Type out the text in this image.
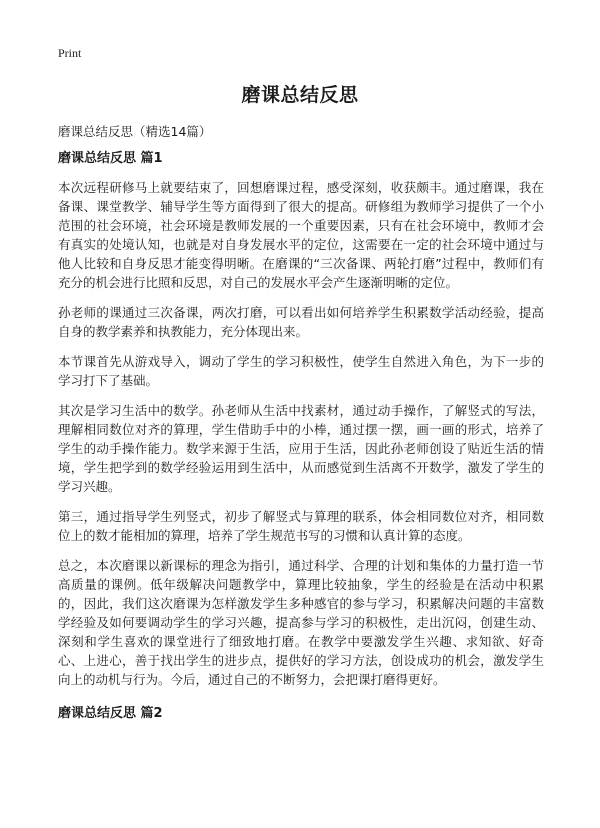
Print
磨课总结反思

磨课总结反思（精选14篇）

磨课总结反思 篇1

本次远程研修马上就要结束了，回想磨课过程，感受深刻，收获颇丰。通过磨课，我在备课、课堂教学、辅导学生等方面得到了很大的提高。研修组为教师学习提供了一个小范围的社会环境，社会环境是教师发展的一个重要因素，只有在社会环境中，教师才会有真实的处境认知，也就是对自身发展水平的定位，这需要在一定的社会环境中通过与他人比较和自身反思才能变得明晰。在磨课的“三次备课、两轮打磨”过程中，教师们有充分的机会进行比照和反思，对自己的发展水平会产生逐渐明晰的定位。

孙老师的课通过三次备课，两次打磨，可以看出如何培养学生积累数学活动经验，提高自身的教学素养和执教能力，充分体现出来。

本节课首先从游戏导入，调动了学生的学习积极性，使学生自然进入角色，为下一步的学习打下了基础。

其次是学习生活中的数学。孙老师从生活中找素材，通过动手操作，了解竖式的写法，理解相同数位对齐的算理，学生借助手中的小棒，通过摆一摆，画一画的形式，培养了学生的动手操作能力。数学来源于生活，应用于生活，因此孙老师创设了贴近生活的情境，学生把学到的数学经验运用到生活中，从而感觉到生活离不开数学，激发了学生的学习兴趣。

第三，通过指导学生列竖式，初步了解竖式与算理的联系，体会相同数位对齐，相同数位上的数才能相加的算理，培养了学生规范书写的习惯和认真计算的态度。

总之，本次磨课以新课标的理念为指引，通过科学、合理的计划和集体的力量打造一节高质量的课例。低年级解决问题教学中，算理比较抽象，学生的经验是在活动中积累的，因此，我们这次磨课为怎样激发学生多种感官的参与学习，积累解决问题的丰富数学经验及如何要调动学生的学习兴趣，提高参与学习的积极性，走出沉闷，创建生动、深刻和学生喜欢的课堂进行了细致地打磨。在教学中要激发学生兴趣、求知欲、好奇心、上进心，善于找出学生的进步点，提供好的学习方法，创设成功的机会，激发学生向上的动机与行为。今后，通过自己的不断努力，会把课打磨得更好。

磨课总结反思 篇2
